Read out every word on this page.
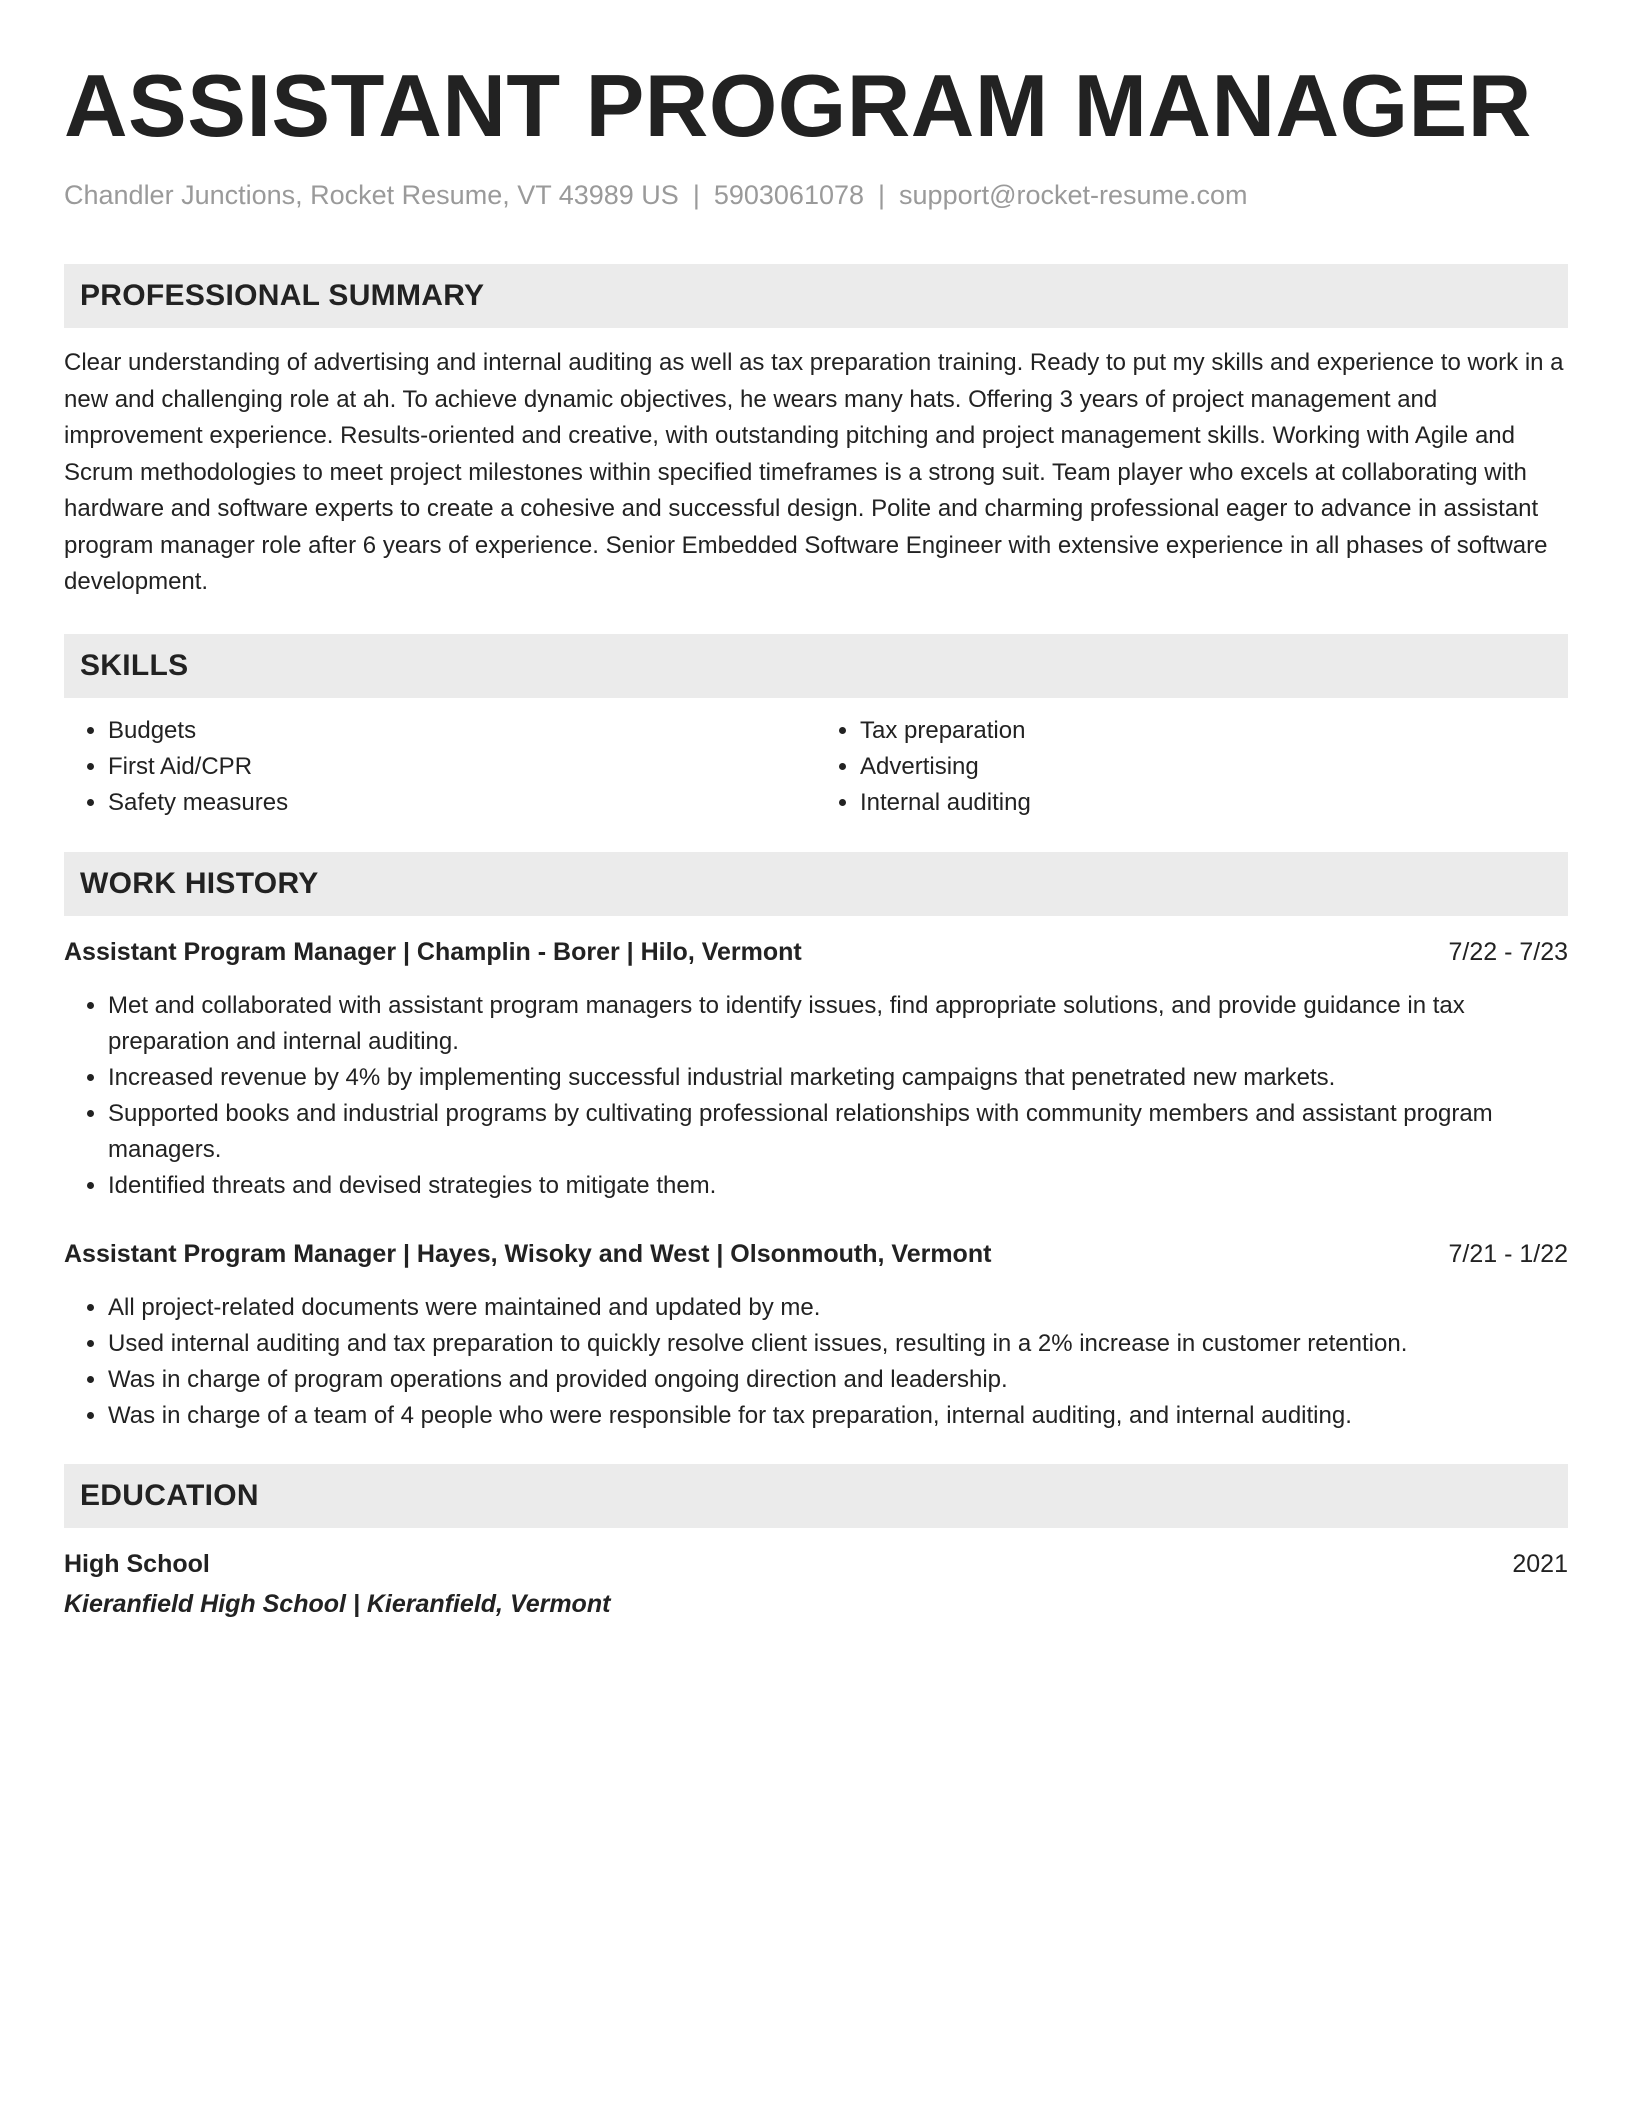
ASSISTANT PROGRAM MANAGER
Chandler Junctions, Rocket Resume, VT 43989 US | 5903061078 | support@rocket-resume.com
PROFESSIONAL SUMMARY
Clear understanding of advertising and internal auditing as well as tax preparation training. Ready to put my skills and experience to work in a new and challenging role at ah. To achieve dynamic objectives, he wears many hats. Offering 3 years of project management and improvement experience. Results-oriented and creative, with outstanding pitching and project management skills. Working with Agile and Scrum methodologies to meet project milestones within specified timeframes is a strong suit. Team player who excels at collaborating with hardware and software experts to create a cohesive and successful design. Polite and charming professional eager to advance in assistant program manager role after 6 years of experience. Senior Embedded Software Engineer with extensive experience in all phases of software development.
SKILLS
• Budgets
• First Aid/CPR
• Safety measures
• Tax preparation
• Advertising
• Internal auditing
WORK HISTORY
Assistant Program Manager | Champlin - Borer | Hilo, Vermont	7/22 - 7/23
• Met and collaborated with assistant program managers to identify issues, find appropriate solutions, and provide guidance in tax preparation and internal auditing.
• Increased revenue by 4% by implementing successful industrial marketing campaigns that penetrated new markets.
• Supported books and industrial programs by cultivating professional relationships with community members and assistant program managers.
• Identified threats and devised strategies to mitigate them.
Assistant Program Manager | Hayes, Wisoky and West | Olsonmouth, Vermont	7/21 - 1/22
• All project-related documents were maintained and updated by me.
• Used internal auditing and tax preparation to quickly resolve client issues, resulting in a 2% increase in customer retention.
• Was in charge of program operations and provided ongoing direction and leadership.
• Was in charge of a team of 4 people who were responsible for tax preparation, internal auditing, and internal auditing.
EDUCATION
High School	2021
Kieranfield High School | Kieranfield, Vermont
